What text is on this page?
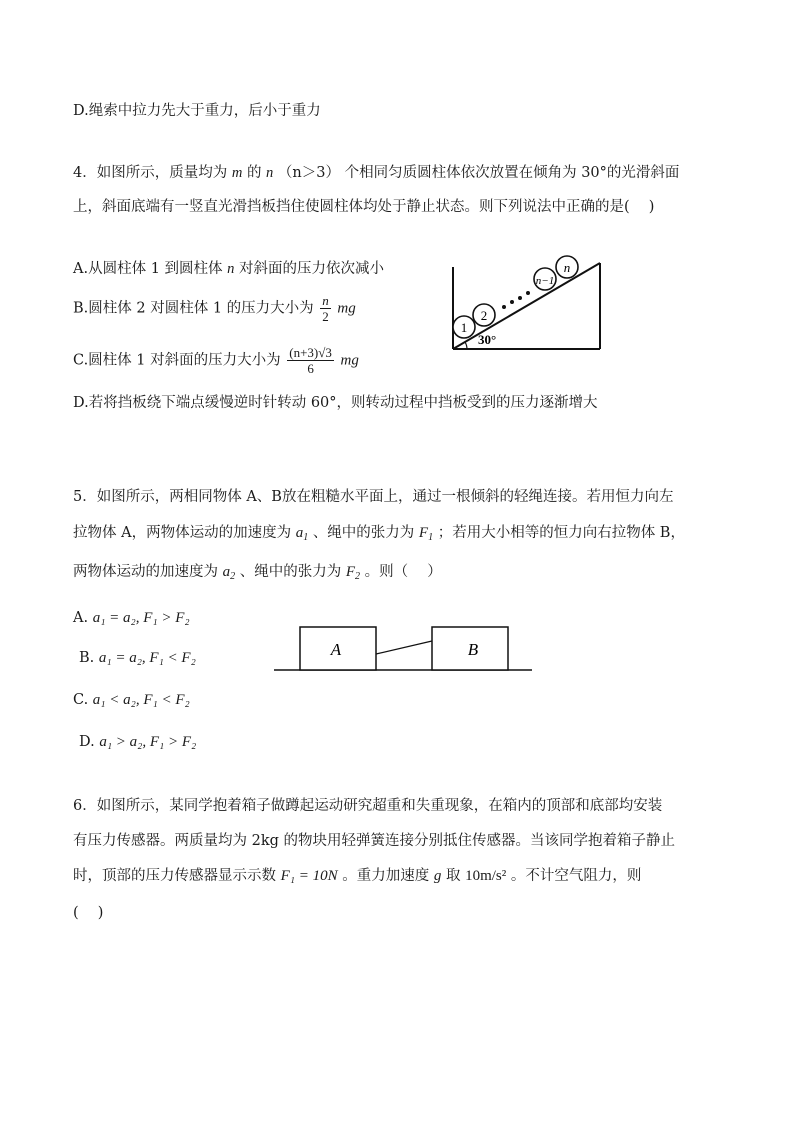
D.绳索中拉力先大于重力，后小于重力
4．如图所示，质量均为 m 的 n （n＞3） 个相同匀质圆柱体依次放置在倾角为 30°的光滑斜面
上，斜面底端有一竖直光滑挡板挡住使圆柱体均处于静止状态。则下列说法中正确的是(　 )
A.从圆柱体 1 到圆柱体 n 对斜面的压力依次减小
B.圆柱体 2 对圆柱体 1 的压力大小为 $\frac{n}{2}$ mg
C.圆柱体 1 对斜面的压力大小为 $\frac{(n+3)√3}{6}$ mg
D.若将挡板绕下端点缓慢逆时针转动 60°，则转动过程中挡板受到的压力逐渐增大
1
2
n−1
n
30°
5．如图所示，两相同物体 A、B放在粗糙水平面上，通过一根倾斜的轻绳连接。若用恒力向左
拉物体 A，两物体运动的加速度为 $a_1$ 、绳中的张力为 $F_1$ ；若用大小相等的恒力向右拉物体 B，
两物体运动的加速度为 $a_2$ 、绳中的张力为 $F_2$ 。则（　 ）
A. a₁ = a₂, F₁ > F₂
B. a₁ = a₂, F₁ < F₂
C. a₁ < a₂, F₁ < F₂
D. a₁ > a₂, F₁ > F₂
A	B
6．如图所示，某同学抱着箱子做蹲起运动研究超重和失重现象，在箱内的顶部和底部均安装
有压力传感器。两质量均为 2kg 的物块用轻弹簧连接分别抵住传感器。当该同学抱着箱子静止
时，顶部的压力传感器显示示数 F₁ = 10N 。重力加速度 g 取 10m/s² 。不计空气阻力，则
(　 )
